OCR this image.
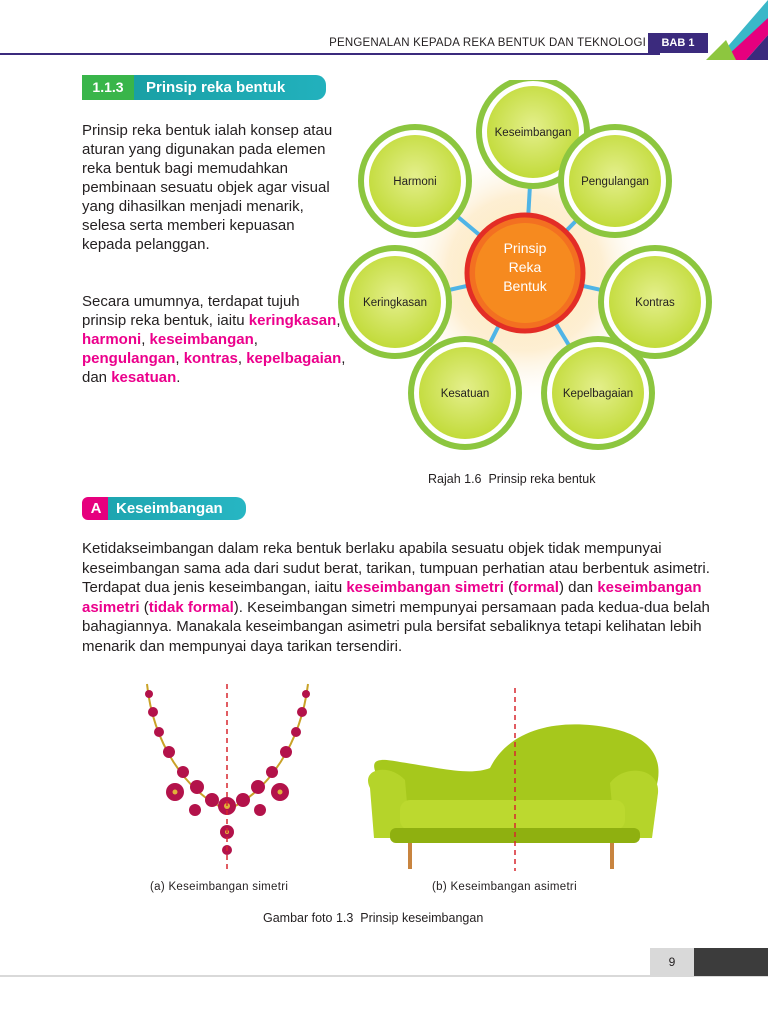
PENGENALAN KEPADA REKA BENTUK DAN TEKNOLOGI	BAB 1
1.1.3	Prinsip reka bentuk
Prinsip reka bentuk ialah konsep atau aturan yang digunakan pada elemen reka bentuk bagi memudahkan pembinaan sesuatu objek agar visual yang dihasilkan menjadi menarik, selesa serta memberi kepuasan kepada pelanggan.
Secara umumnya, terdapat tujuh prinsip reka bentuk, iaitu keringkasan, harmoni, keseimbangan, pengulangan, kontras, kepelbagaian,
dan kesatuan.
Keseimbangan
Pengulangan
Kontras
Kepelbagaian
Kesatuan
Keringkasan
Harmoni
Prinsip
Reka
Bentuk
Rajah 1.6 Prinsip reka bentuk
A Keseimbangan
Ketidakseimbangan dalam reka bentuk berlaku apabila sesuatu objek tidak mempunyai keseimbangan sama ada dari sudut berat, tarikan, tumpuan perhatian atau berbentuk asimetri. Terdapat dua jenis keseimbangan, iaitu keseimbangan simetri (formal) dan keseimbangan asimetri (tidak formal). Keseimbangan simetri mempunyai persamaan pada kedua-dua belah bahagiannya. Manakala keseimbangan asimetri pula bersifat sebaliknya tetapi kelihatan lebih menarik dan mempunyai daya tarikan tersendiri.
(a) Keseimbangan simetri	(b) Keseimbangan asimetri
Gambar foto 1.3 Prinsip keseimbangan
9
